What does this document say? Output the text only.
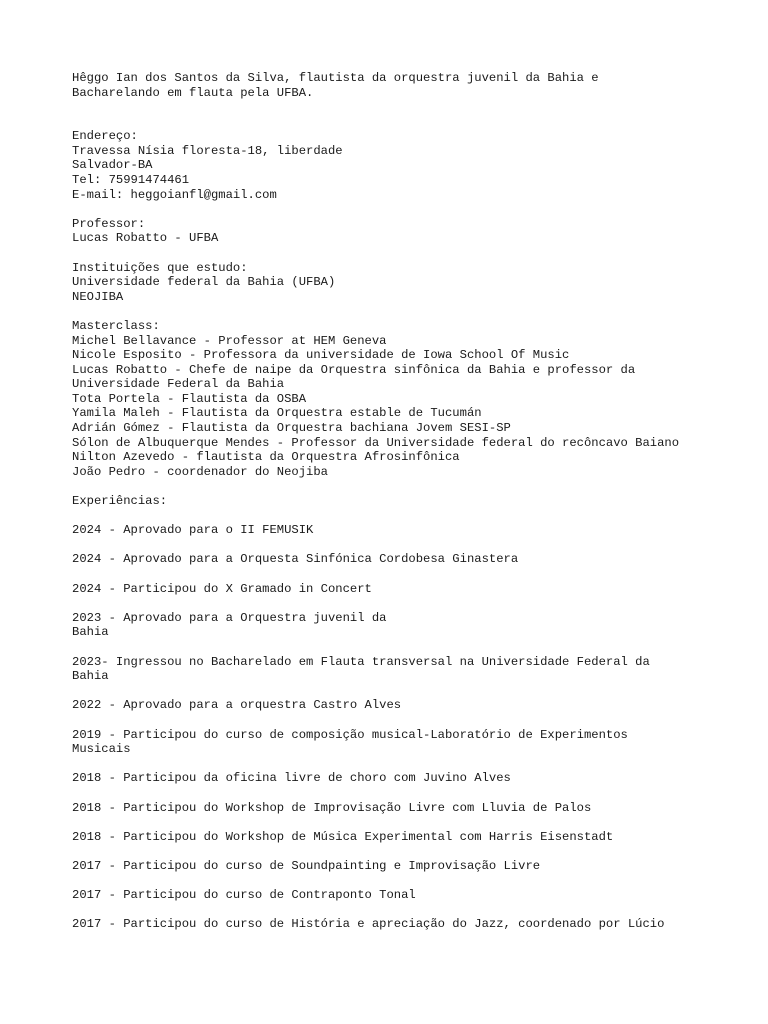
Hêggo Ian dos Santos da Silva, flautista da orquestra juvenil da Bahia e
Bacharelando em flauta pela UFBA.
Endereço:
Travessa Nísia floresta-18, liberdade
Salvador-BA
Tel: 75991474461
E-mail: heggoianfl@gmail.com
Professor:
Lucas Robatto - UFBA
Instituições que estudo:
Universidade federal da Bahia (UFBA)
NEOJIBA
Masterclass:
Michel Bellavance - Professor at HEM Geneva
Nicole Esposito - Professora da universidade de Iowa School Of Music
Lucas Robatto - Chefe de naipe da Orquestra sinfônica da Bahia e professor da
Universidade Federal da Bahia
Tota Portela - Flautista da OSBA
Yamila Maleh - Flautista da Orquestra estable de Tucumán
Adrián Gómez - Flautista da Orquestra bachiana Jovem SESI-SP
Sólon de Albuquerque Mendes - Professor da Universidade federal do recôncavo Baiano
Nilton Azevedo - flautista da Orquestra Afrosinfônica
João Pedro - coordenador do Neojiba
Experiências:
2024 - Aprovado para o II FEMUSIK
2024 - Aprovado para a Orquesta Sinfónica Cordobesa Ginastera
2024 - Participou do X Gramado in Concert
2023 - Aprovado para a Orquestra juvenil da
Bahia
2023- Ingressou no Bacharelado em Flauta transversal na Universidade Federal da
Bahia
2022 - Aprovado para a orquestra Castro Alves
2019 - Participou do curso de composição musical-Laboratório de Experimentos
Musicais
2018 - Participou da oficina livre de choro com Juvino Alves
2018 - Participou do Workshop de Improvisação Livre com Lluvia de Palos
2018 - Participou do Workshop de Música Experimental com Harris Eisenstadt
2017 - Participou do curso de Soundpainting e Improvisação Livre
2017 - Participou do curso de Contraponto Tonal
2017 - Participou do curso de História e apreciação do Jazz, coordenado por Lúcio
